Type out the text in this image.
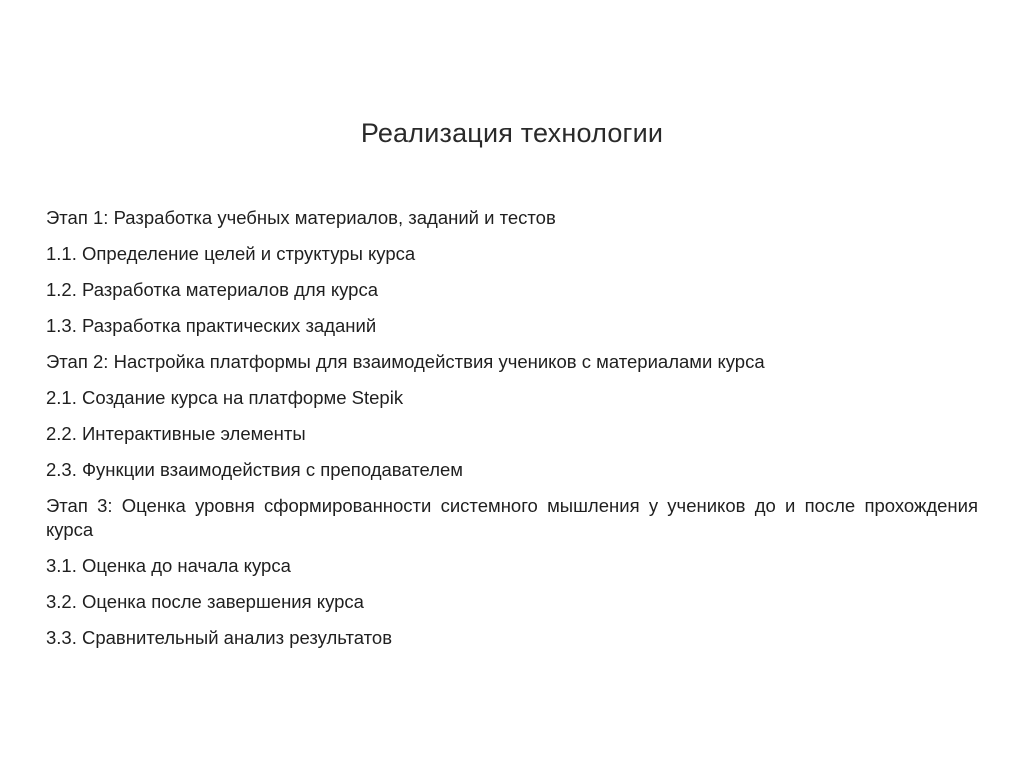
Реализация технологии
Этап 1: Разработка учебных материалов, заданий и тестов
1.1. Определение целей и структуры курса
1.2. Разработка материалов для курса
1.3. Разработка практических заданий
Этап 2: Настройка платформы для взаимодействия учеников с материалами курса
2.1. Создание курса на платформе Stepik
2.2. Интерактивные элементы
2.3. Функции взаимодействия с преподавателем
Этап 3: Оценка уровня сформированности системного мышления у учеников до и после прохождения курса
3.1. Оценка до начала курса
3.2. Оценка после завершения курса
3.3. Сравнительный анализ результатов
